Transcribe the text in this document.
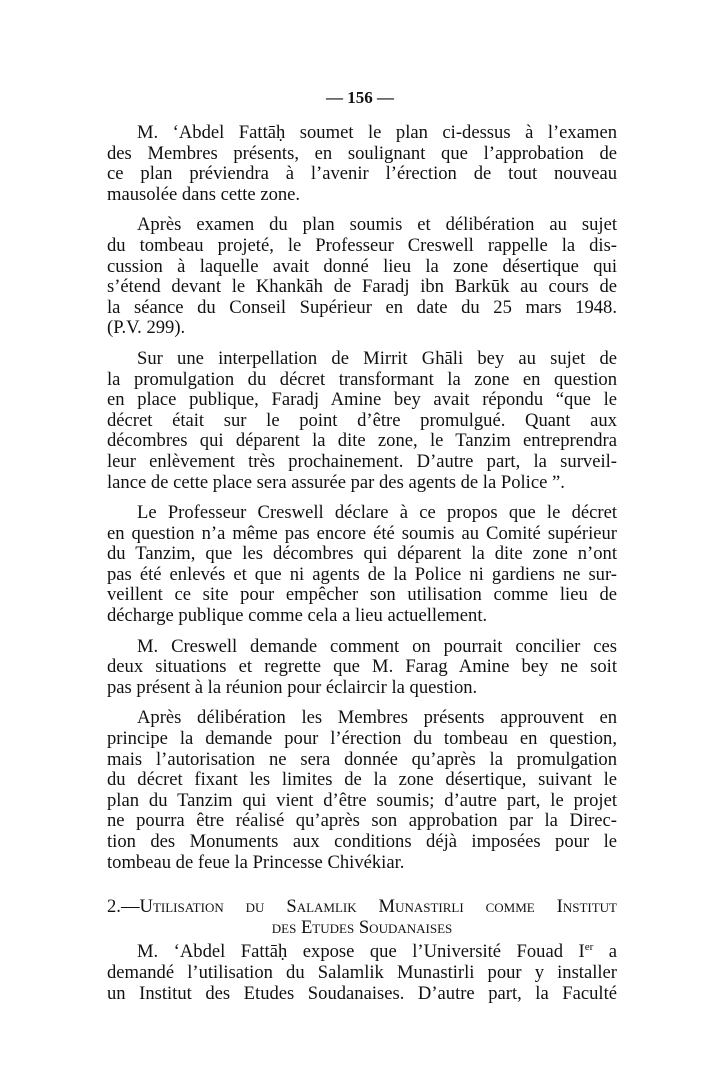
— 156 —
M. ‘Abdel Fattāḥ soumet le plan ci-dessus à l’examen
des Membres présents, en soulignant que l’approbation de
ce plan préviendra à l’avenir l’érection de tout nouveau
mausolée dans cette zone.
Après examen du plan soumis et délibération au sujet
du tombeau projeté, le Professeur Creswell rappelle la dis-
cussion à laquelle avait donné lieu la zone désertique qui
s’étend devant le Khankāh de Faradj ibn Barkūk au cours de
la séance du Conseil Supérieur en date du 25 mars 1948.
(P.V. 299).
Sur une interpellation de Mirrit Ghāli bey au sujet de
la promulgation du décret transformant la zone en question
en place publique, Faradj Amine bey avait répondu “que le
décret était sur le point d’être promulgué. Quant aux
décombres qui déparent la dite zone, le Tanzim entreprendra
leur enlèvement très prochainement. D’autre part, la surveil-
lance de cette place sera assurée par des agents de la Police ”.
Le Professeur Creswell déclare à ce propos que le décret
en question n’a même pas encore été soumis au Comité supérieur
du Tanzim, que les décombres qui déparent la dite zone n’ont
pas été enlevés et que ni agents de la Police ni gardiens ne sur-
veillent ce site pour empêcher son utilisation comme lieu de
décharge publique comme cela a lieu actuellement.
M. Creswell demande comment on pourrait concilier ces
deux situations et regrette que M. Farag Amine bey ne soit
pas présent à la réunion pour éclaircir la question.
Après délibération les Membres présents approuvent en
principe la demande pour l’érection du tombeau en question,
mais l’autorisation ne sera donnée qu’après la promulgation
du décret fixant les limites de la zone désertique, suivant le
plan du Tanzim qui vient d’être soumis; d’autre part, le projet
ne pourra être réalisé qu’après son approbation par la Direc-
tion des Monuments aux conditions déjà imposées pour le
tombeau de feue la Princesse Chivékiar.
2.—Utilisation du Salamlik Munastirli comme Institut
des Etudes Soudanaises
M. ‘Abdel Fattāḥ expose que l’Université Fouad Ier a
demandé l’utilisation du Salamlik Munastirli pour y installer
un Institut des Etudes Soudanaises. D’autre part, la Faculté
